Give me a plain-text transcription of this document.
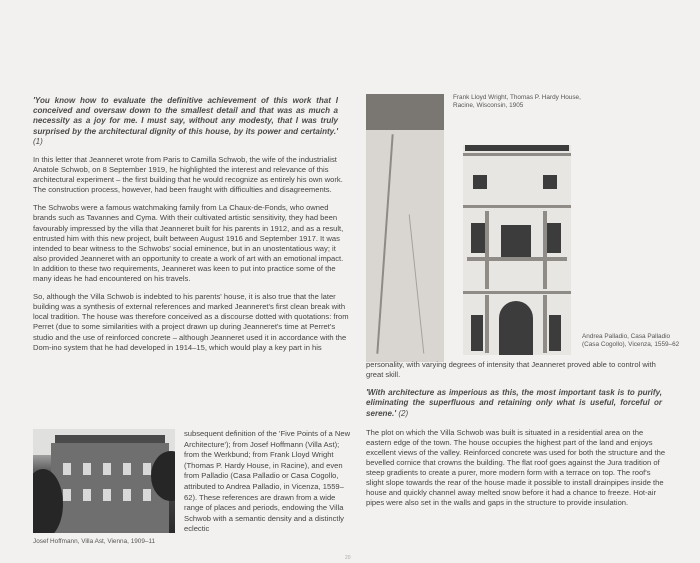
'You know how to evaluate the definitive achievement of this work that I conceived and oversaw down to the smallest detail and that was as much a necessity as a joy for me. I must say, without any modesty, that I was truly surprised by the architectural dignity of this house, by its power and certainty.' (1)

In this letter that Jeanneret wrote from Paris to Camilla Schwob, the wife of the industrialist Anatole Schwob, on 8 September 1919, he highlighted the interest and relevance of this architectural experiment – the first building that he would recognize as entirely his own work. The construction process, however, had been fraught with difficulties and disagreements.

The Schwobs were a famous watchmaking family from La Chaux-de-Fonds, who owned brands such as Tavannes and Cyma. With their cultivated artistic sensitivity, they had been favourably impressed by the villa that Jeanneret built for his parents in 1912, and as a result, entrusted him with this new project, built between August 1916 and September 1917. It was intended to bear witness to the Schwobs' social eminence, but in an unostentatious way; it also provided Jeanneret with an opportunity to create a work of art with an emotional impact. In addition to these two requirements, Jeanneret was keen to put into practice some of the many ideas he had encountered on his travels.

So, although the Villa Schwob is indebted to his parents' house, it is also true that the later building was a synthesis of external references and marked Jeanneret's first clean break with local tradition. The house was therefore conceived as a discourse dotted with quotations: from Perret (due to some similarities with a project drawn up during Jeanneret's time at Perret's studio and the use of reinforced concrete – although Jeanneret used it in accordance with the Dom-ino system that he had developed in 1914–15, which would play a key part in his

Josef Hoffmann, Villa Ast, Vienna, 1909–11

subsequent definition of the 'Five Points of a New Architecture'); from Josef Hoffmann (Villa Ast); from the Werkbund; from Frank Lloyd Wright (Thomas P. Hardy House, in Racine), and even from Palladio (Casa Palladio or Casa Cogollo, attributed to Andrea Palladio, in Vicenza, 1559–62). These references are drawn from a wide range of places and periods, endowing the Villa Schwob with a semantic density and a distinctly eclectic

Frank Lloyd Wright, Thomas P. Hardy House, Racine, Wisconsin, 1905
Andrea Palladio, Casa Palladio (Casa Cogollo), Vicenza, 1559–62

personality, with varying degrees of intensity that Jeanneret proved able to control with great skill.

'With architecture as imperious as this, the most important task is to purify, eliminating the superfluous and retaining only what is useful, forceful or serene.' (2)

The plot on which the Villa Schwob was built is situated in a residential area on the eastern edge of the town. The house occupies the highest part of the land and enjoys excellent views of the valley. Reinforced concrete was used for both the structure and the bevelled cornice that crowns the building. The flat roof goes against the Jura tradition of steep gradients to create a purer, more modern form with a terrace on top. The roof's slight slope towards the rear of the house made it possible to install drainpipes inside the house and quickly channel away melted snow before it had a chance to freeze. Hot-air pipes were also set in the walls and gaps in the structure to provide insulation.

20
